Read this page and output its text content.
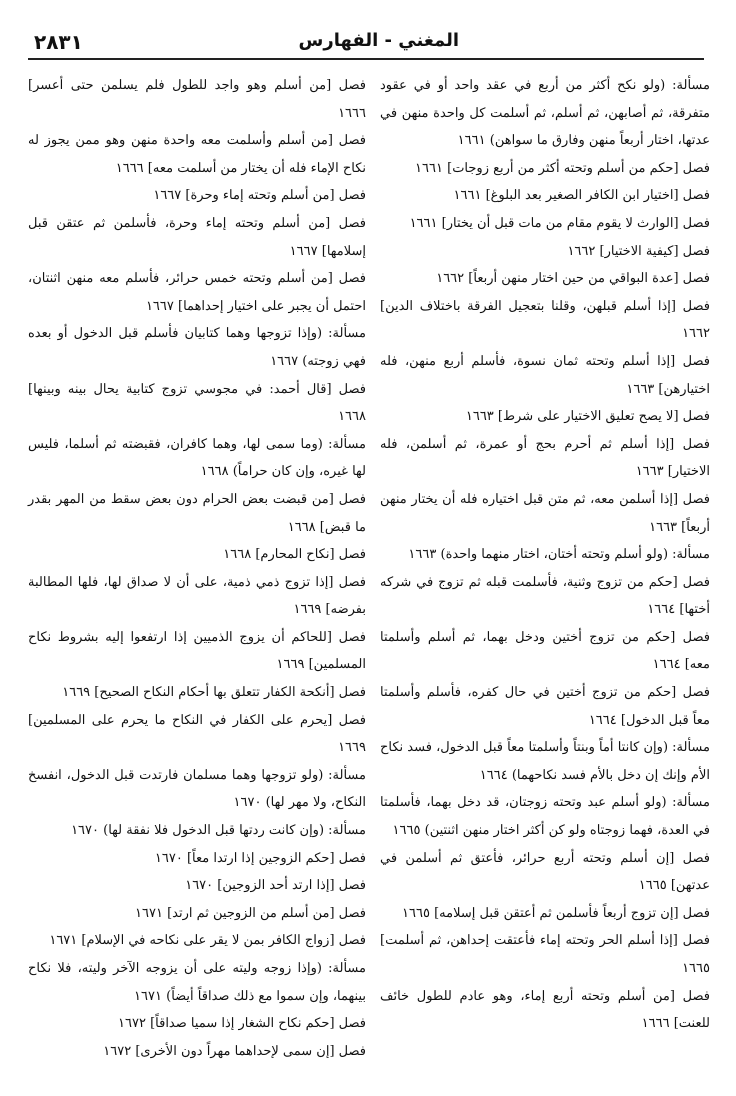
المغني - الفهارس
٢٨٣١

مسألة: (ولو نكح أكثر من أربع في عقد واحد أو في عقود متفرقة، ثم أصابهن، ثم أسلم، ثم أسلمت كل واحدة منهن في عدتها، اختار أربعاً منهن وفارق ما سواهن) ١٦٦١

فصل [حكم من أسلم وتحته أكثر من أربع زوجات] ١٦٦١

فصل [اختيار ابن الكافر الصغير بعد البلوغ] ١٦٦١

فصل [الوارث لا يقوم مقام من مات قبل أن يختار] ١٦٦١

فصل [كيفية الاختيار] ١٦٦٢

فصل [عدة البواقي من حين اختار منهن أربعاً] ١٦٦٢

فصل [إذا أسلم قبلهن، وقلنا بتعجيل الفرقة باختلاف الدين] ١٦٦٢

فصل [إذا أسلم وتحته ثمان نسوة، فأسلم أربع منهن، فله اختيارهن] ١٦٦٣

فصل [لا يصح تعليق الاختيار على شرط] ١٦٦٣

فصل [إذا أسلم ثم أحرم بحج أو عمرة، ثم أسلمن، فله الاختيار] ١٦٦٣

فصل [إذا أسلمن معه، ثم متن قبل اختياره فله أن يختار منهن أربعاً] ١٦٦٣

مسألة: (ولو أسلم وتحته أختان، اختار منهما واحدة) ١٦٦٣

فصل [حكم من تزوج وثنية، فأسلمت قبله ثم تزوج في شركه أختها] ١٦٦٤

فصل [حكم من تزوج أختين ودخل بهما، ثم أسلم وأسلمتا معه] ١٦٦٤

فصل [حكم من تزوج أختين في حال كفره، فأسلم وأسلمتا معاً قبل الدخول] ١٦٦٤

مسألة: (وإن كانتا أماً وبنتاً وأسلمتا معاً قبل الدخول، فسد نكاح الأم وإنك إن دخل بالأم فسد نكاحهما) ١٦٦٤

مسألة: (ولو أسلم عبد وتحته زوجتان، قد دخل بهما، فأسلمتا في العدة، فهما زوجتاه ولو كن أكثر اختار منهن اثنتين) ١٦٦٥

فصل [إن أسلم وتحته أربع حرائر، فأعتق ثم أسلمن في عدتهن] ١٦٦٥

فصل [إن تزوج أربعاً فأسلمن ثم أعتقن قبل إسلامه] ١٦٦٥

فصل [إذا أسلم الحر وتحته إماء فأعتقت إحداهن، ثم أسلمت] ١٦٦٥

فصل [من أسلم وتحته أربع إماء، وهو عادم للطول خائف للعنت] ١٦٦٦

فصل [من أسلم وهو واجد للطول فلم يسلمن حتى أعسر] ١٦٦٦

فصل [من أسلم وأسلمت معه واحدة منهن وهو ممن يجوز له نكاح الإماء فله أن يختار من أسلمت معه] ١٦٦٦

فصل [من أسلم وتحته إماء وحرة] ١٦٦٧

فصل [من أسلم وتحته إماء وحرة، فأسلمن ثم عتقن قبل إسلامها] ١٦٦٧

فصل [من أسلم وتحته خمس حرائر، فأسلم معه منهن اثنتان، احتمل أن يجبر على اختيار إحداهما] ١٦٦٧

مسألة: (وإذا تزوجها وهما كتابيان فأسلم قبل الدخول أو بعده فهي زوجته) ١٦٦٧

فصل [قال أحمد: في مجوسي تزوج كتابية يحال بينه وبينها] ١٦٦٨

مسألة: (وما سمى لها، وهما كافران، فقبضته ثم أسلما، فليس لها غيره، وإن كان حراماً) ١٦٦٨

فصل [من قبضت بعض الحرام دون بعض سقط من المهر بقدر ما قبض] ١٦٦٨

فصل [نكاح المحارم] ١٦٦٨

فصل [إذا تزوج ذمي ذمية، على أن لا صداق لها، فلها المطالبة بفرضه] ١٦٦٩

فصل [للحاكم أن يزوج الذميين إذا ارتفعوا إليه بشروط نكاح المسلمين] ١٦٦٩

فصل [أنكحة الكفار تتعلق بها أحكام النكاح الصحيح] ١٦٦٩

فصل [يحرم على الكفار في النكاح ما يحرم على المسلمين] ١٦٦٩

مسألة: (ولو تزوجها وهما مسلمان فارتدت قبل الدخول، انفسخ النكاح، ولا مهر لها) ١٦٧٠

مسألة: (وإن كانت ردتها قبل الدخول فلا نفقة لها) ١٦٧٠

فصل [حكم الزوجين إذا ارتدا معاً] ١٦٧٠

فصل [إذا ارتد أحد الزوجين] ١٦٧٠

فصل [من أسلم من الزوجين ثم ارتد] ١٦٧١

فصل [زواج الكافر بمن لا يقر على نكاحه في الإسلام] ١٦٧١

مسألة: (وإذا زوجه وليته على أن يزوجه الآخر وليته، فلا نكاح بينهما، وإن سموا مع ذلك صداقاً أيضاً) ١٦٧١

فصل [حكم نكاح الشغار إذا سميا صداقاً] ١٦٧٢

فصل [إن سمى لإحداهما مهراً دون الأخرى] ١٦٧٢
